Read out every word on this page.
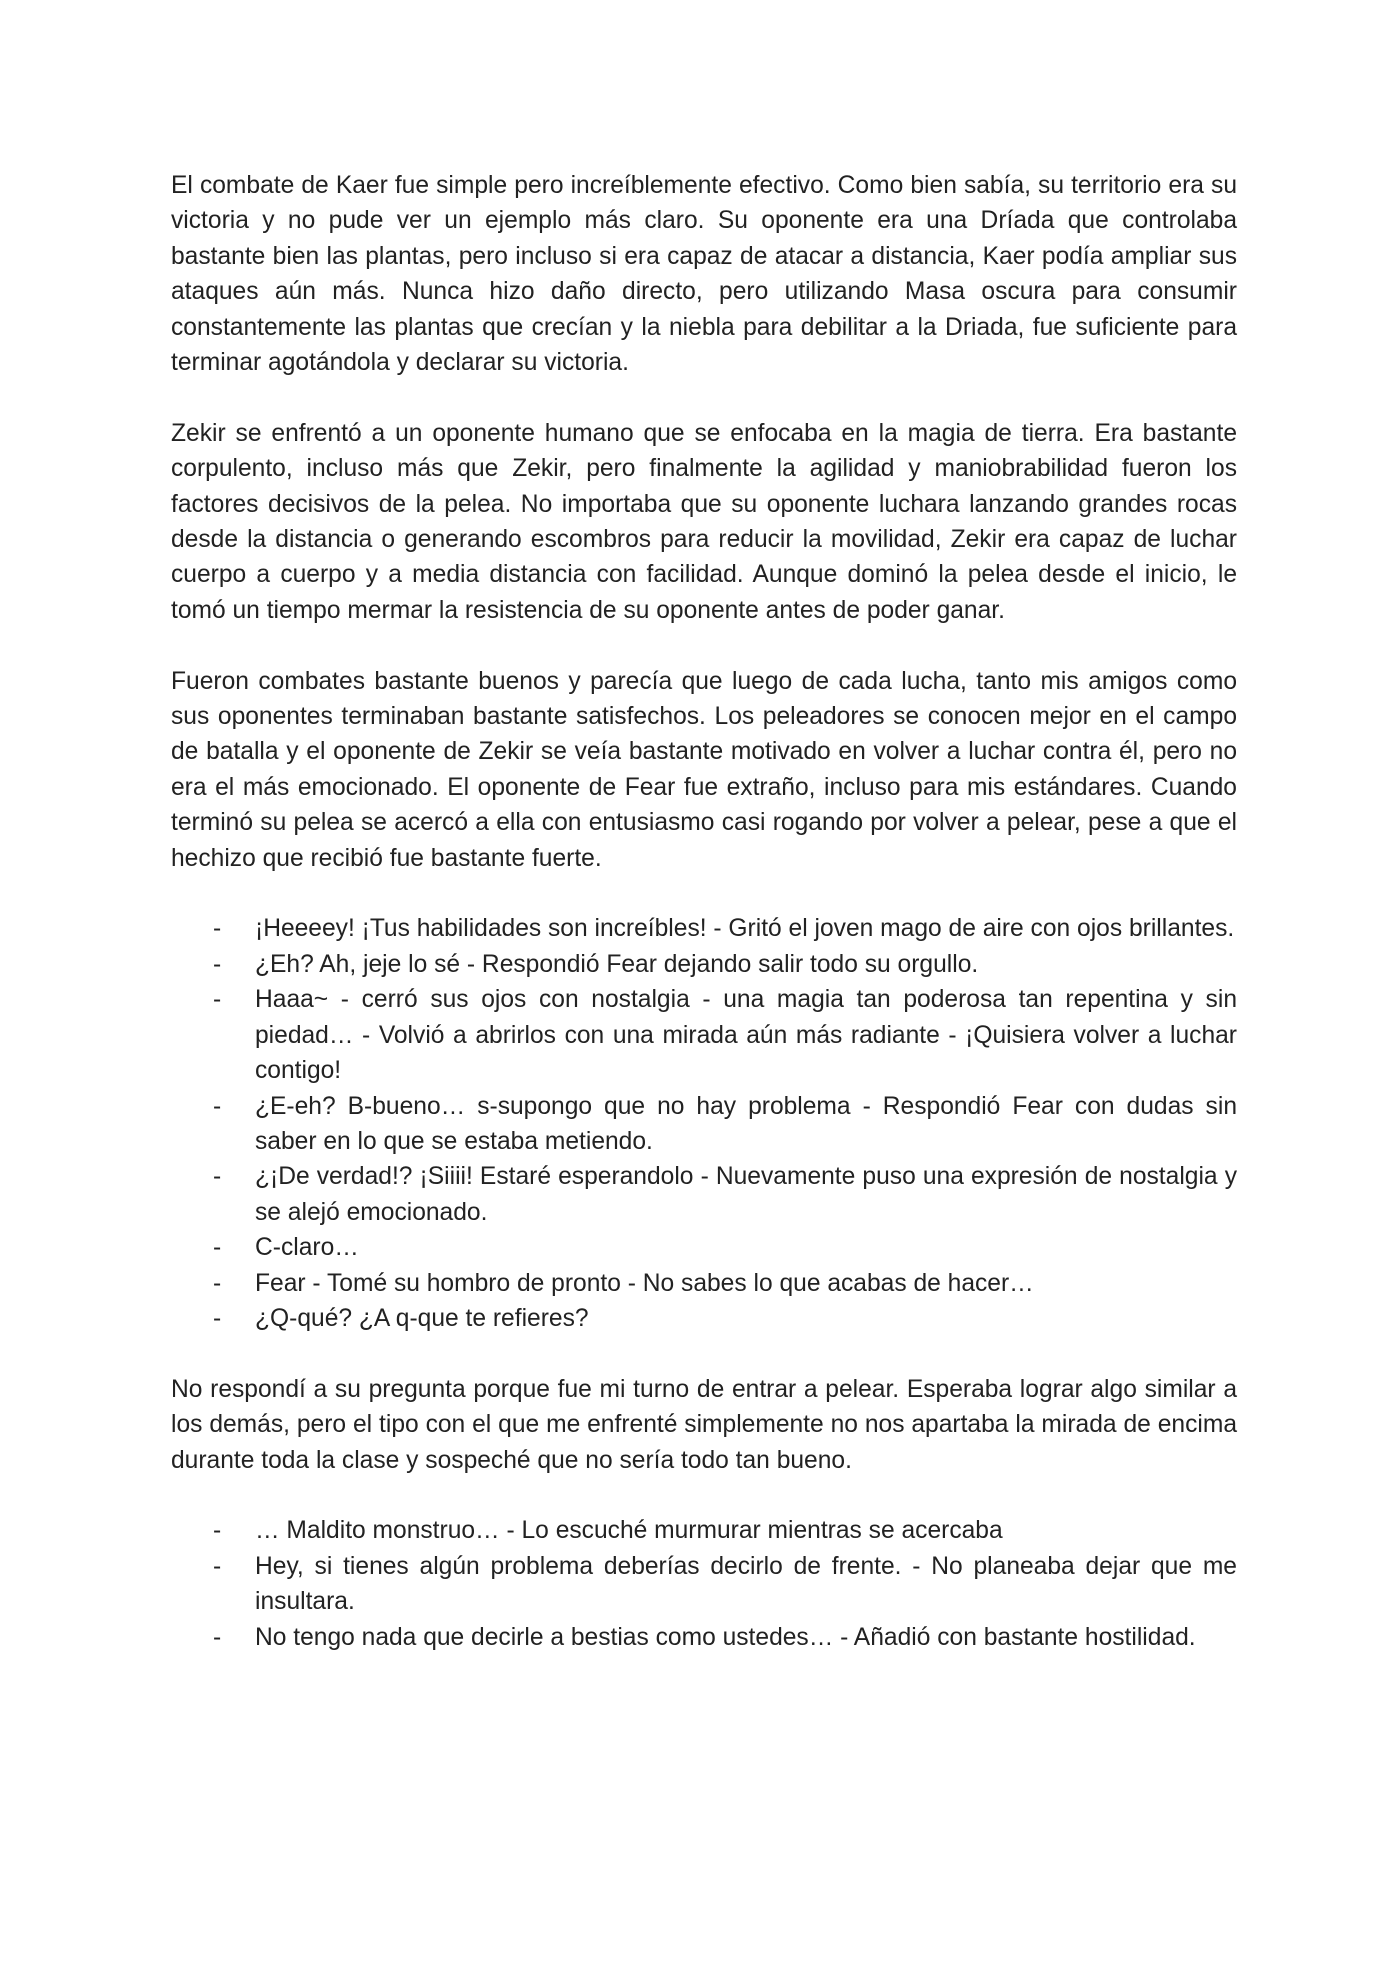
El combate de Kaer fue simple pero increíblemente efectivo. Como bien sabía, su territorio era su victoria y no pude ver un ejemplo más claro. Su oponente era una Dríada que controlaba bastante bien las plantas, pero incluso si era capaz de atacar a distancia, Kaer podía ampliar sus ataques aún más. Nunca hizo daño directo, pero utilizando Masa oscura para consumir constantemente las plantas que crecían y la niebla para debilitar a la Driada, fue suficiente para terminar agotándola y declarar su victoria.

Zekir se enfrentó a un oponente humano que se enfocaba en la magia de tierra. Era bastante corpulento, incluso más que Zekir, pero finalmente la agilidad y maniobrabilidad fueron los factores decisivos de la pelea. No importaba que su oponente luchara lanzando grandes rocas desde la distancia o generando escombros para reducir la movilidad, Zekir era capaz de luchar cuerpo a cuerpo y a media distancia con facilidad. Aunque dominó la pelea desde el inicio, le tomó un tiempo mermar la resistencia de su oponente antes de poder ganar.

Fueron combates bastante buenos y parecía que luego de cada lucha, tanto mis amigos como sus oponentes terminaban bastante satisfechos. Los peleadores se conocen mejor en el campo de batalla y el oponente de Zekir se veía bastante motivado en volver a luchar contra él, pero no era el más emocionado. El oponente de Fear fue extraño, incluso para mis estándares. Cuando terminó su pelea se acercó a ella con entusiasmo casi rogando por volver a pelear, pese a que el hechizo que recibió fue bastante fuerte.

- ¡Heeeey! ¡Tus habilidades son increíbles! - Gritó el joven mago de aire con ojos brillantes.
- ¿Eh? Ah, jeje lo sé - Respondió Fear dejando salir todo su orgullo.
- Haaa~ - cerró sus ojos con nostalgia - una magia tan poderosa tan repentina y sin piedad… - Volvió a abrirlos con una mirada aún más radiante - ¡Quisiera volver a luchar contigo!
- ¿E-eh? B-bueno… s-supongo que no hay problema - Respondió Fear con dudas sin saber en lo que se estaba metiendo.
- ¿¡De verdad!? ¡Siiii! Estaré esperandolo - Nuevamente puso una expresión de nostalgia y se alejó emocionado.
- C-claro…
- Fear - Tomé su hombro de pronto - No sabes lo que acabas de hacer…
- ¿Q-qué? ¿A q-que te refieres?

No respondí a su pregunta porque fue mi turno de entrar a pelear. Esperaba lograr algo similar a los demás, pero el tipo con el que me enfrenté simplemente no nos apartaba la mirada de encima durante toda la clase y sospeché que no sería todo tan bueno.

- … Maldito monstruo… - Lo escuché murmurar mientras se acercaba
- Hey, si tienes algún problema deberías decirlo de frente. - No planeaba dejar que me insultara.
- No tengo nada que decirle a bestias como ustedes… - Añadió con bastante hostilidad.
